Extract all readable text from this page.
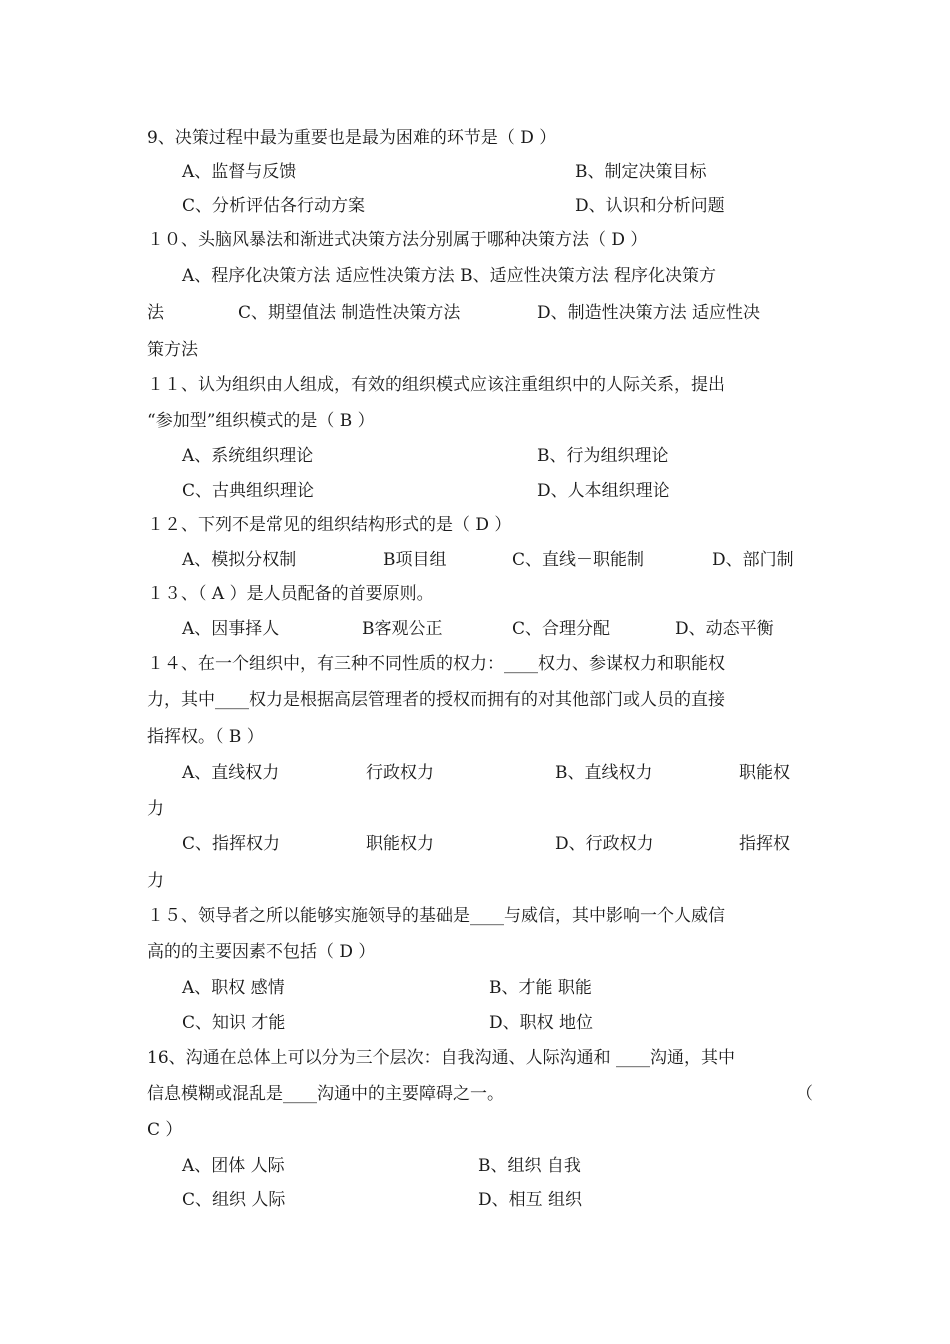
9、决策过程中最为重要也是最为困难的环节是（ D ）
A、监督与反馈	B、制定决策目标
C、分析评估各行动方案	D、认识和分析问题
１０、头脑风暴法和渐进式决策方法分别属于哪种决策方法（ D ）
A、程序化决策方法 适应性决策方法 B、适应性决策方法 程序化决策方
法	C、期望值法 制造性决策方法	D、制造性决策方法 适应性决
策方法
１１、认为组织由人组成，有效的组织模式应该注重组织中的人际关系，提出
“参加型”组织模式的是（ B ）
A、系统组织理论	B、行为组织理论
C、古典组织理论	D、人本组织理论
１２、下列不是常见的组织结构形式的是（ D ）
A、模拟分权制	B项目组	C、直线－职能制	D、部门制
１３、（ A ）是人员配备的首要原则。
A、因事择人	B客观公正	C、合理分配	D、动态平衡
１４、在一个组织中，有三种不同性质的权力：____权力、参谋权力和职能权
力，其中____权力是根据高层管理者的授权而拥有的对其他部门或人员的直接
指挥权。（ B ）
A、直线权力	行政权力	B、直线权力	职能权
力
C、指挥权力	职能权力	D、行政权力	指挥权
力
１５、领导者之所以能够实施领导的基础是____与威信，其中影响一个人威信
高的的主要因素不包括（ D ）
A、职权 感情	B、才能 职能
C、知识 才能	D、职权 地位
16、沟通在总体上可以分为三个层次：自我沟通、人际沟通和 ____沟通，其中
信息模糊或混乱是____沟通中的主要障碍之一。	（
C ）
A、团体 人际	B、组织 自我
C、组织 人际	D、相互 组织
